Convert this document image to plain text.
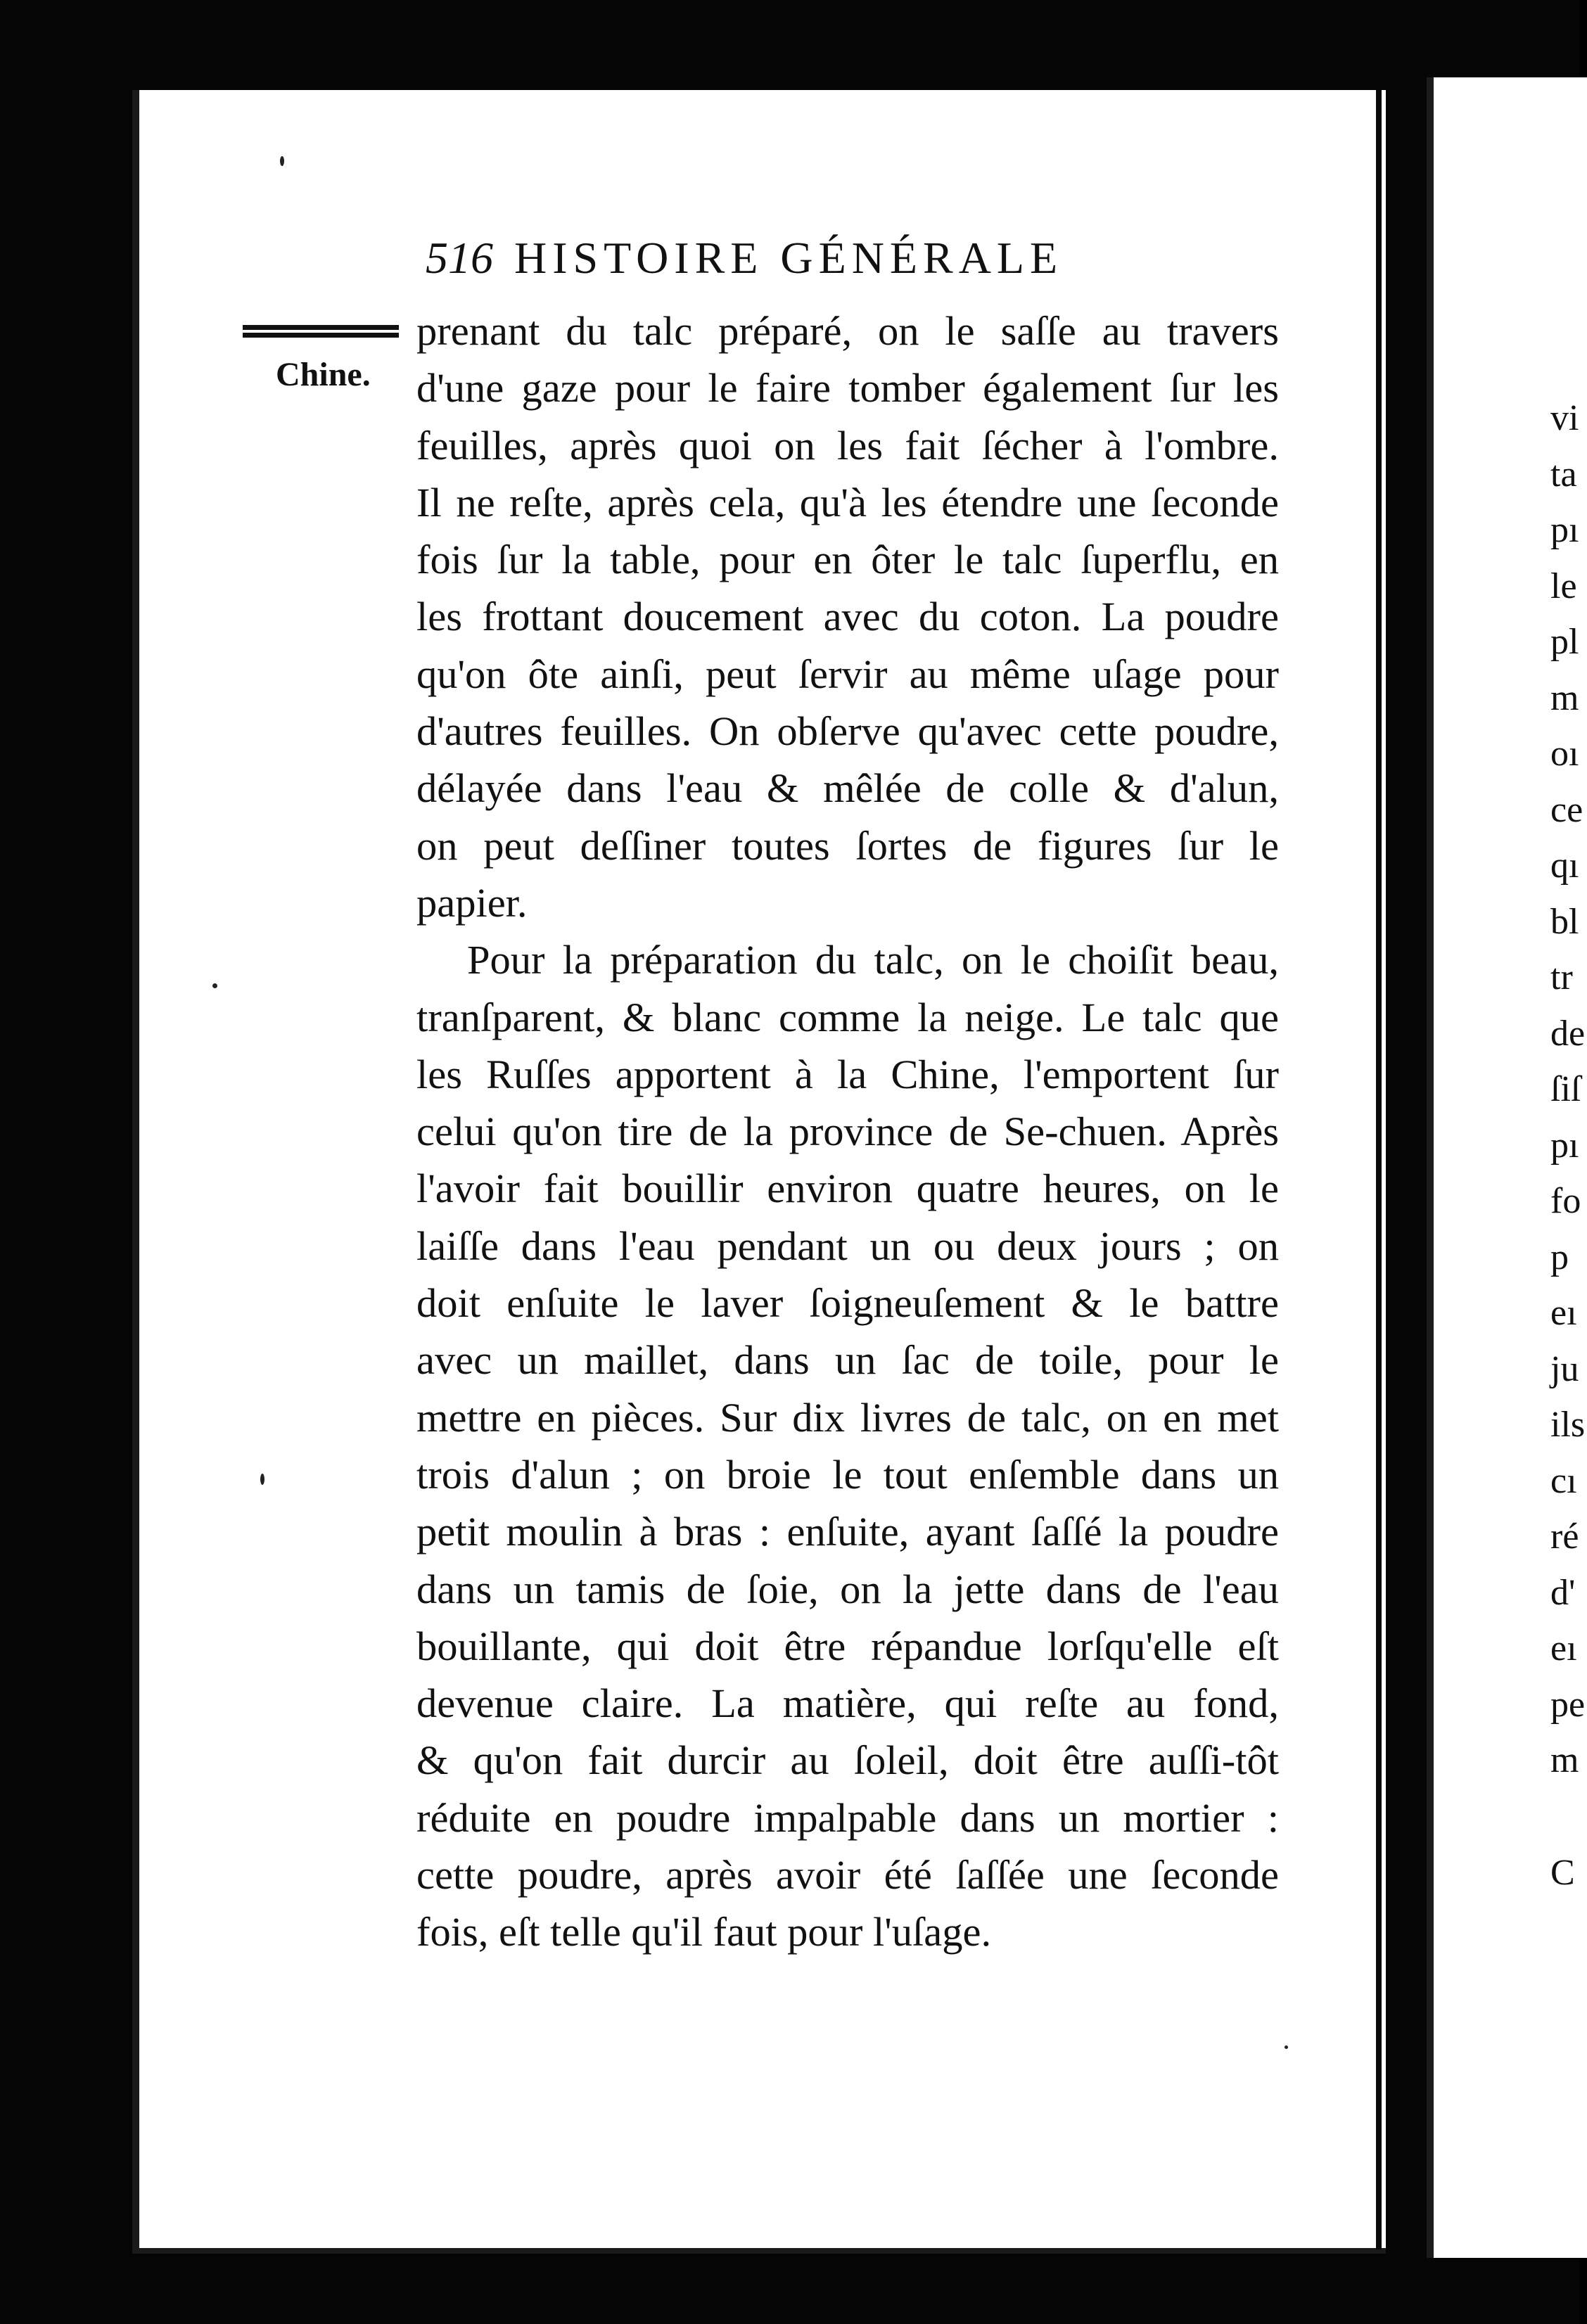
vi
ta
pı
le
pl
m
oı
ce
qı
bl
tr
de
ſiſ
pı
fo
p
eı
ju
ils
cı
ré
d'
eı
pe
m
C
516 HISTOIRE GÉNÉRALE
Chine.

prenant du talc préparé, on le saſſe au travers

d'une gaze pour le faire tomber également ſur les

feuilles, après quoi on les fait ſécher à l'ombre.

Il ne reſte, après cela, qu'à les étendre une ſeconde

fois ſur la table, pour en ôter le talc ſuperflu, en

les frottant doucement avec du coton. La poudre

qu'on ôte ainſi, peut ſervir au même uſage pour

d'autres feuilles. On obſerve qu'avec cette poudre,

délayée dans l'eau & mêlée de colle & d'alun,

on peut deſſiner toutes ſortes de figures ſur le

papier.

Pour la préparation du talc, on le choiſit beau,

tranſparent, & blanc comme la neige. Le talc que

les Ruſſes apportent à la Chine, l'emportent ſur

celui qu'on tire de la province de Se-chuen. Après

l'avoir fait bouillir environ quatre heures, on le

laiſſe dans l'eau pendant un ou deux jours ; on

doit enſuite le laver ſoigneuſement & le battre

avec un maillet, dans un ſac de toile, pour le

mettre en pièces. Sur dix livres de talc, on en met

trois d'alun ; on broie le tout enſemble dans un

petit moulin à bras : enſuite, ayant ſaſſé la poudre

dans un tamis de ſoie, on la jette dans de l'eau

bouillante, qui doit être répandue lorſqu'elle eſt

devenue claire. La matière, qui reſte au fond,

& qu'on fait durcir au ſoleil, doit être auſſi-tôt

réduite en poudre impalpable dans un mortier :

cette poudre, après avoir été ſaſſée une ſeconde

fois, eſt telle qu'il faut pour l'uſage.
